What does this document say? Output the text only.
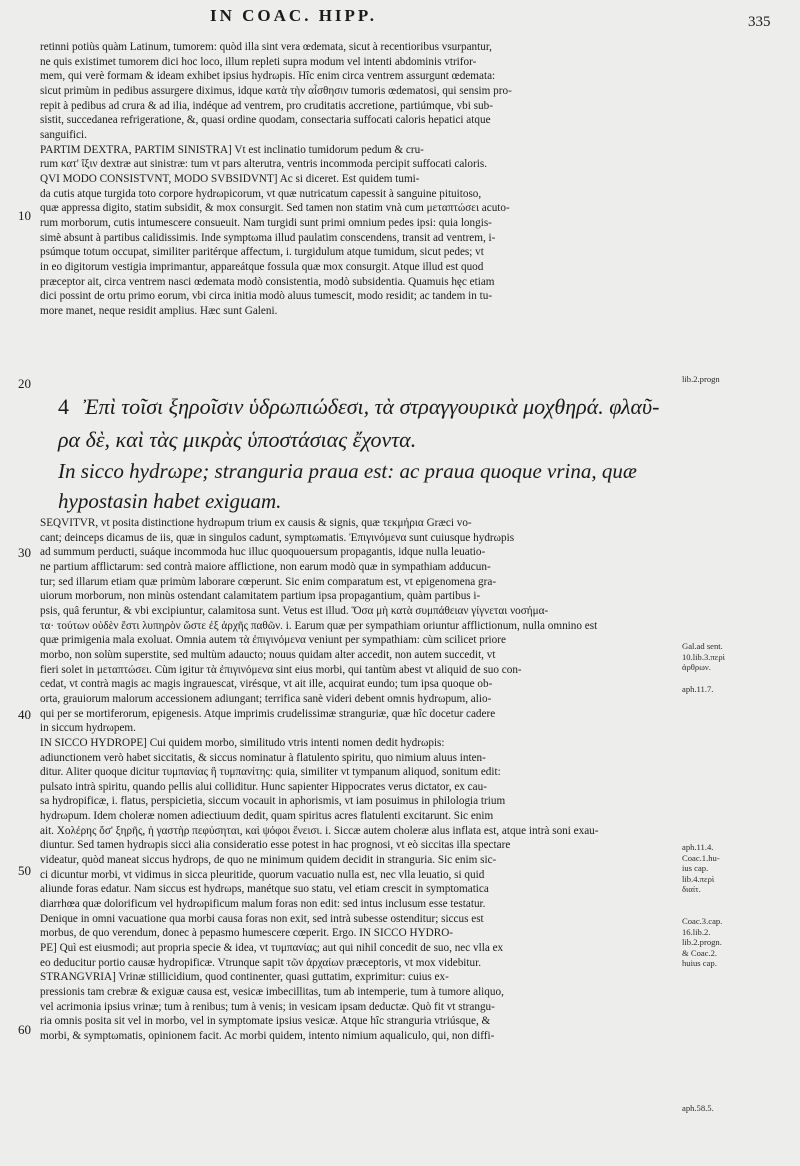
IN COAC. HIPP.	335
10
20
30
40
50
60
retinni potiùs quàm Latinum, tumorem: quòd illa sint vera œdemata, sicut à recentioribus vsurpantur,
ne quis existimet tumorem dici hoc loco, illum repleti supra modum vel intenti abdominis vtrifor-
mem, qui verè formam & ideam exhibet ipsius hydrωpis. Hîc enim circa ventrem assurgunt œdemata:
sicut primùm in pedibus assurgere diximus, idque κατὰ τὴν αἶσθησιν tumoris œdematosi, qui sensim pro-
repit à pedibus ad crura & ad ilia, indéque ad ventrem, pro cruditatis accretione, partiúmque, vbi sub-
sistit, succedanea refrigeratione, &, quasi ordine quodam, consectaria suffocati caloris hepatici atque
sanguifici.
PARTIM DEXTRA, PARTIM SINISTRA] Vt est inclinatio tumidorum pedum & cru-
rum κατ' ἴξιν dextræ aut sinistræ: tum vt pars alterutra, ventris incommoda percipit suffocati caloris.
QVI MODO CONSISTVNT, MODO SVBSIDVNT] Ac si diceret. Est quidem tumi-
da cutis atque turgida toto corpore hydrωpicorum, vt quæ nutricatum capessit à sanguine pituitoso,
quæ appressa digito, statim subsidit, & mox consurgit. Sed tamen non statim vnà cum μεταπτώσει acuto-
rum morborum, cutis intumescere consueuit. Nam turgidi sunt primi omnium pedes ipsi: quia longis-
simè absunt à partibus calidissimis. Inde symptωma illud paulatim conscendens, transit ad ventrem, i-
psúmque totum occupat, similiter paritérque affectum, i. turgidulum atque tumidum, sicut pedes; vt
in eo digitorum vestigia imprimantur, appareátque fossula quæ mox consurgit. Atque illud est quod
præceptor ait, circa ventrem nasci œdemata modò consistentia, modò subsidentia. Quamuis hęc etiam
dici possint de ortu primo eorum, vbi circa initia modò aluus tumescit, modo residit; ac tandem in tu-
more manet, neque residit amplius. Hæc sunt Galeni.
4 Ἐπὶ τοῖσι ξηροῖσιν ὑδρωπιώδεσι, τὰ στραγγουρικὰ μοχθηρά. φλαῦ-ρα δὲ, καὶ τὰς μικρὰς ὑποστάσιας ἔχοντα.
In sicco hydrωpe; stranguria praua est: ac praua quoque vrina, quæ hypostasin habet exiguam.
SEQVITVR, vt posita distinctione hydrωpum trium ex causis & signis, quæ τεκμήρια Græci vo-
cant; deinceps dicamus de iis, quæ in singulos cadunt, symptωmatis. Ἐπιγινόμενα sunt cuiusque hydrωpis
ad summum perducti, suáque incommoda huc illuc quoquouersum propagantis, idque nulla leuatio-
ne partium afflictarum: sed contrà maiore afflictione, non earum modò quæ in sympathiam adducun-
tur; sed illarum etiam quæ primùm laborare cœperunt. Sic enim comparatum est, vt epigenomena gra-
uiorum morborum, non minùs ostendant calamitatem partium ipsa propagantium, quàm partibus i-
psis, quâ feruntur, & vbi excipiuntur, calamitosa sunt. Vetus est illud. Ὅσα μὴ κατὰ συμπάθειαν γίγνεται νοσήμα-
τα· τούτων οὐδὲν ἔστι λυπηρὸν ὥστε ἐξ ἀρχῆς παθῶν. i. Earum quæ per sympathiam oriuntur afflictionum, nulla omnino est
quæ primigenia mala exoluat. Omnia autem τὰ ἐπιγινόμενα veniunt per sympathiam: cùm scilicet priore
morbo, non solùm superstite, sed multùm adaucto; nouus quidam alter accedit, non autem succedit, vt
fieri solet in μεταπτώσει. Cùm igitur τὰ ἐπιγινόμενα sint eius morbi, qui tantùm abest vt aliquid de suo con-
cedat, vt contrà magis ac magis ingrauescat, virésque, vt ait ille, acquirat eundo; tum ipsa quoque ob-
orta, grauiorum malorum accessionem adiungant; terrifica sanè videri debent omnis hydrωpum, alio-
qui per se mortiferorum, epigenesis. Atque imprimis crudelissimæ stranguriæ, quæ hîc docetur cadere
in siccum hydrωpem.
IN SICCO HYDROPE] Cui quidem morbo, similitudo vtris intenti nomen dedit hydrωpis:
adiunctionem verò habet siccitatis, & siccus nominatur à flatulento spiritu, quo nimium aluus inten-
ditur. Aliter quoque dicitur τυμπανίας ἢ τυμπανίτης: quia, similiter vt tympanum aliquod, sonitum edit:
pulsato intrà spiritu, quando pellis alui colliditur. Hunc sapienter Hippocrates verus dictator, ex cau-
sa hydropificæ, i. flatus, perspicietia, siccum vocauit in aphorismis, vt iam posuimus in philologia trium
hydrωpum. Idem choleræ nomen adiectiuum dedit, quam spiritus acres flatulenti excitarunt. Sic enim
ait. Χολέρης ὅσ' ξηρῆς, ἡ γαστὴρ πεφύσηται, καὶ ψόφοι ἔνεισι. i. Siccæ autem choleræ alus inflata est, atque intrà soni exau-
diuntur. Sed tamen hydrωpis sicci alia consideratio esse potest in hac prognosi, vt eò siccitas illa spectare
videatur, quòd maneat siccus hydrops, de quo ne minimum quidem decidit in stranguria. Sic enim sic-
ci dicuntur morbi, vt vidimus in sicca pleuritide, quorum vacuatio nulla est, nec vlla leuatio, si quid
aliunde foras edatur. Nam siccus est hydrωps, manétque suo statu, vel etiam crescit in symptomatica
diarrhœa quæ dolorificum vel hydrωpificum malum foras non edit: sed intus inclusum esse testatur.
Denique in omni vacuatione qua morbi causa foras non exit, sed intrà subesse ostenditur; siccus est
morbus, de quo verendum, donec à pepasmo humescere cœperit. Ergo. IN SICCO HYDRO-
PE] Quì est eiusmodi; aut propria specie & idea, vt τυμπανίας; aut qui nihil concedit de suo, nec vlla ex
eo deducitur portio causæ hydropificæ. Vtrunque sapit τῶν ἀρχαίων præceptoris, vt mox videbitur.
STRANGVRIA] Vrinæ stillicidium, quod continenter, quasi guttatim, exprimitur: cuius ex-
pressionis tam crebræ & exiguæ causa est, vesicæ imbecillitas, tum ab intemperie, tum à tumore aliquo,
vel acrimonia ipsius vrinæ; tum à renibus; tum à venis; in vesicam ipsam deductæ. Quò fit vt strangu-
ria omnis posita sit vel in morbo, vel in symptomate ipsius vesicæ. Atque hîc stranguria vtriúsque, &
morbi, & symptωmatis, opinionem facit. Ac morbi quidem, intento nimium aqualiculo, qui, non diffi-
lib.2.progn
Gal.ad sent.
10.lib.3.περὶ
ἀρθρων.
aph.11.7.
aph.11.4.
Coac.1.hu-
ius cap.
lib.4.περὶ
διαίτ.
Coac.3.cap.
16.lib.2.
lib.2.progn.
& Coac.2.
huius cap.
aph.58.5.
